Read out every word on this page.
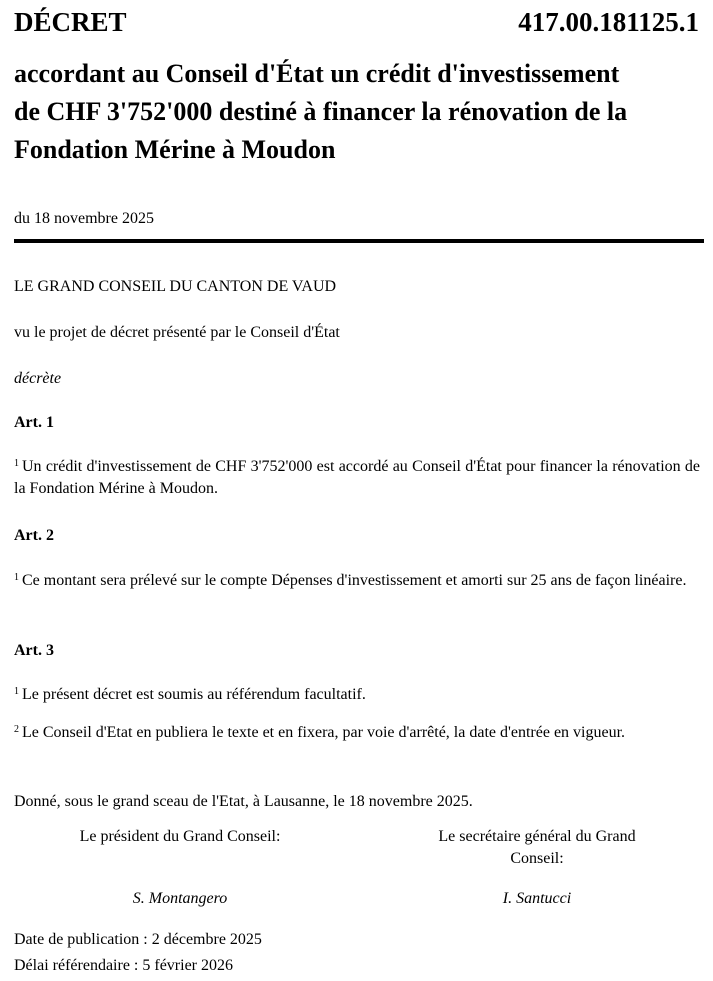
DÉCRET	417.00.181125.1
accordant au Conseil d'État un crédit d'investissement
de CHF 3'752'000 destiné à financer la rénovation de la
Fondation Mérine à Moudon
du 18 novembre 2025

LE GRAND CONSEIL DU CANTON DE VAUD

vu le projet de décret présenté par le Conseil d'État

décrète

Art. 1

$^1$ Un crédit d'investissement de CHF 3'752'000 est accordé au Conseil d'État pour financer la rénovation de la Fondation Mérine à Moudon.

Art. 2

$^1$ Ce montant sera prélevé sur le compte Dépenses d'investissement et amorti sur 25 ans de façon linéaire.

Art. 3

$^1$ Le présent décret est soumis au référendum facultatif.

$^2$ Le Conseil d'Etat en publiera le texte et en fixera, par voie d'arrêté, la date d'entrée en vigueur.

Donné, sous le grand sceau de l'Etat, à Lausanne, le 18 novembre 2025.

Le président du Grand Conseil:	Le secrétaire général du Grand
Conseil:
S. Montangero	I. Santucci

Date de publication : 2 décembre 2025

Délai référendaire : 5 février 2026
